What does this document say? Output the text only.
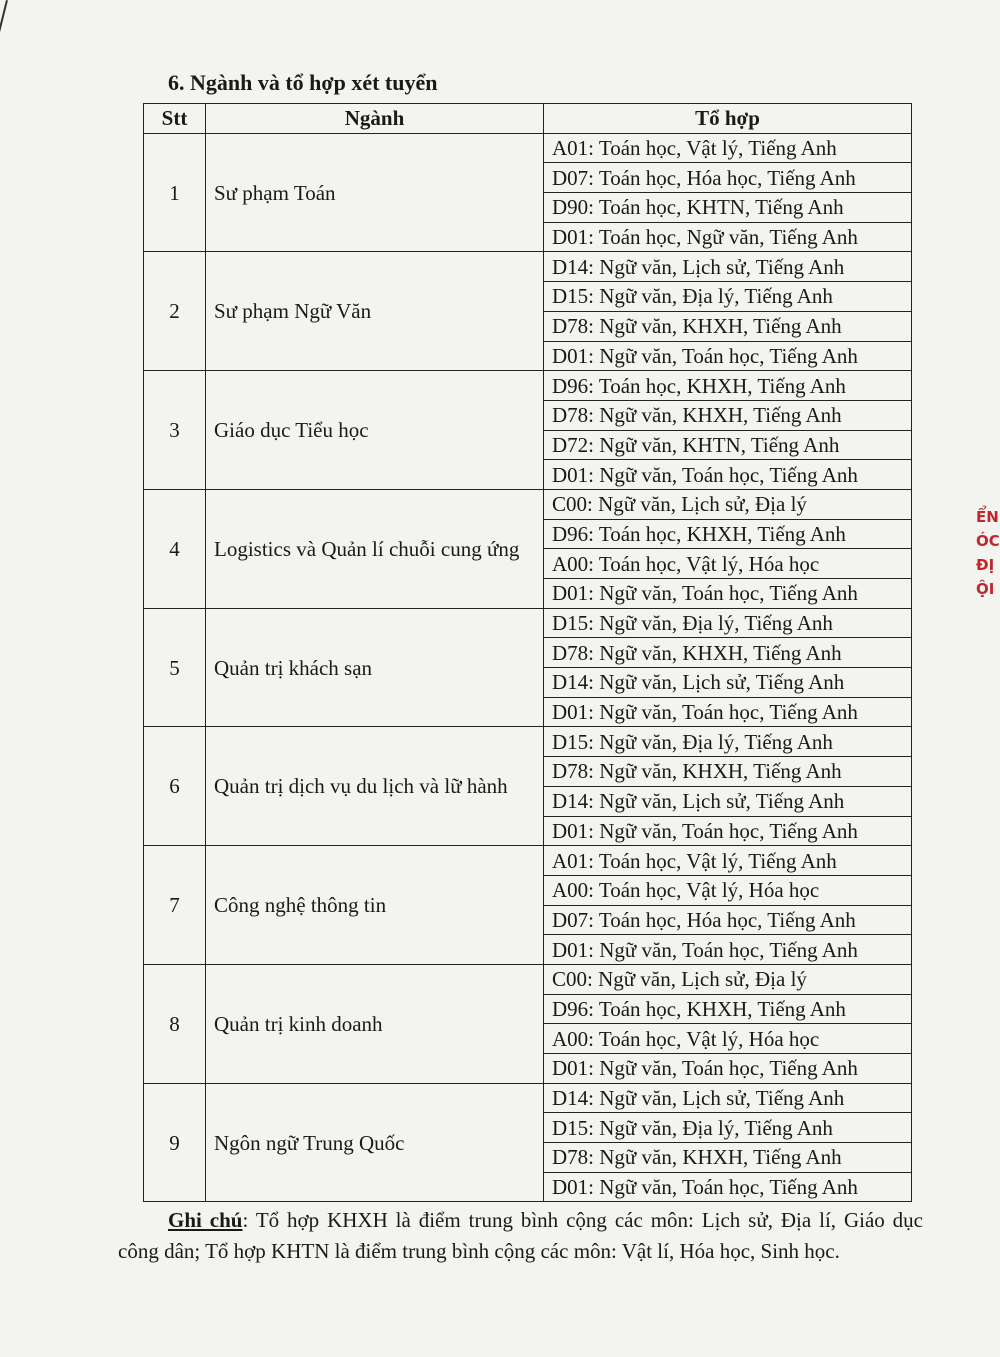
6. Ngành và tổ hợp xét tuyển
Stt	Ngành	Tổ hợp
1	Sư phạm Toán	A01: Toán học, Vật lý, Tiếng Anh
		D07: Toán học, Hóa học, Tiếng Anh
		D90: Toán học, KHTN, Tiếng Anh
		D01: Toán học, Ngữ văn, Tiếng Anh
2	Sư phạm Ngữ Văn	D14: Ngữ văn, Lịch sử, Tiếng Anh
		D15: Ngữ văn, Địa lý, Tiếng Anh
		D78: Ngữ văn, KHXH, Tiếng Anh
		D01: Ngữ văn, Toán học, Tiếng Anh
3	Giáo dục Tiểu học	D96: Toán học, KHXH, Tiếng Anh
		D78: Ngữ văn, KHXH, Tiếng Anh
		D72: Ngữ văn, KHTN, Tiếng Anh
		D01: Ngữ văn, Toán học, Tiếng Anh
4	Logistics và Quản lí chuỗi cung ứng	C00: Ngữ văn, Lịch sử, Địa lý
		D96: Toán học, KHXH, Tiếng Anh
		A00: Toán học, Vật lý, Hóa học
		D01: Ngữ văn, Toán học, Tiếng Anh
5	Quản trị khách sạn	D15: Ngữ văn, Địa lý, Tiếng Anh
		D78: Ngữ văn, KHXH, Tiếng Anh
		D14: Ngữ văn, Lịch sử, Tiếng Anh
		D01: Ngữ văn, Toán học, Tiếng Anh
6	Quản trị dịch vụ du lịch và lữ hành	D15: Ngữ văn, Địa lý, Tiếng Anh
		D78: Ngữ văn, KHXH, Tiếng Anh
		D14: Ngữ văn, Lịch sử, Tiếng Anh
		D01: Ngữ văn, Toán học, Tiếng Anh
7	Công nghệ thông tin	A01: Toán học, Vật lý, Tiếng Anh
		A00: Toán học, Vật lý, Hóa học
		D07: Toán học, Hóa học, Tiếng Anh
		D01: Ngữ văn, Toán học, Tiếng Anh
8	Quản trị kinh doanh	C00: Ngữ văn, Lịch sử, Địa lý
		D96: Toán học, KHXH, Tiếng Anh
		A00: Toán học, Vật lý, Hóa học
		D01: Ngữ văn, Toán học, Tiếng Anh
9	Ngôn ngữ Trung Quốc	D14: Ngữ văn, Lịch sử, Tiếng Anh
		D15: Ngữ văn, Địa lý, Tiếng Anh
		D78: Ngữ văn, KHXH, Tiếng Anh
		D01: Ngữ văn, Toán học, Tiếng Anh

Ghi chú: Tổ hợp KHXH là điểm trung bình cộng các môn: Lịch sử, Địa lí, Giáo dục công dân; Tổ hợp KHTN là điểm trung bình cộng các môn: Vật lí, Hóa học, Sinh học.

ỂN
ÓC
ĐỊ
ỘI
